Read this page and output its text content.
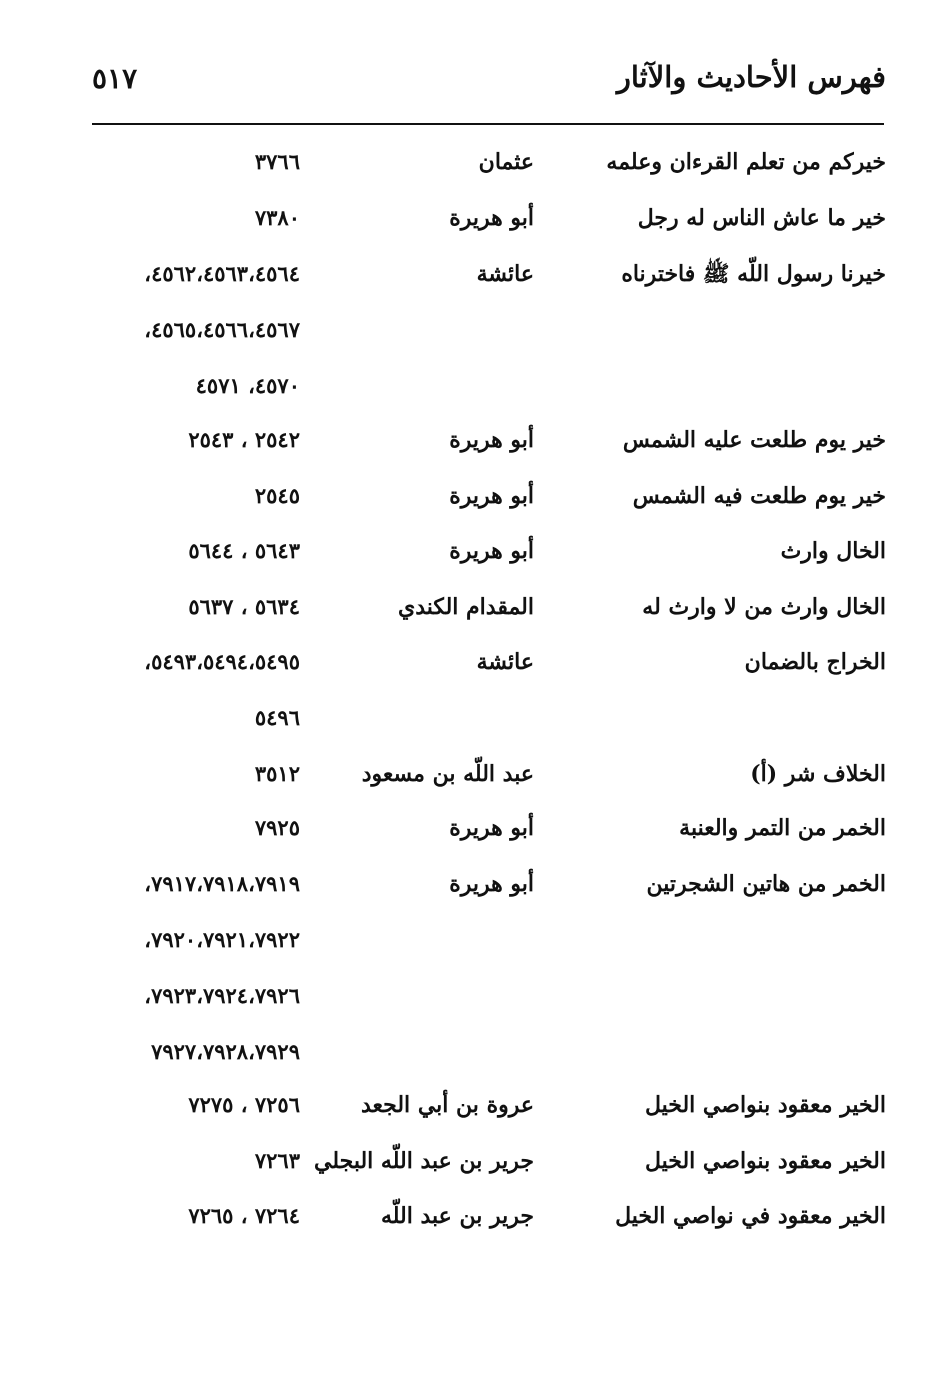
فهرس الأحاديث والآثار
٥١٧
خيركم من تعلم القرءان وعلمه
عثمان
٣٧٦٦
خير ما عاش الناس له رجل
أبو هريرة
٧٣٨٠
خيرنا رسول اللّه ﷺ فاخترناه
عائشة
٤٥٦٢،٤٥٦٣،٤٥٦٤،
٤٥٦٥،٤٥٦٦،٤٥٦٧،
٤٥٧٠، ٤٥٧١
خير يوم طلعت عليه الشمس
أبو هريرة
٢٥٤٢ ، ٢٥٤٣
خير يوم طلعت فيه الشمس
أبو هريرة
٢٥٤٥
الخال وارث
أبو هريرة
٥٦٤٣ ، ٥٦٤٤
الخال وارث من لا وارث له
المقدام الكندي
٥٦٣٤ ، ٥٦٣٧
الخراج بالضمان
عائشة
٥٤٩٣،٥٤٩٤،٥٤٩٥،
٥٤٩٦
الخلاف شر (أ)
عبد اللّه بن مسعود
٣٥١٢
الخمر من التمر والعنبة
أبو هريرة
٧٩٢٥
الخمر من هاتين الشجرتين
أبو هريرة
٧٩١٧،٧٩١٨،٧٩١٩،
٧٩٢٠،٧٩٢١،٧٩٢٢،
٧٩٢٣،٧٩٢٤،٧٩٢٦،
٧٩٢٧،٧٩٢٨،٧٩٢٩
الخير معقود بنواصي الخيل
عروة بن أبي الجعد
٧٢٥٦ ، ٧٢٧٥
الخير معقود بنواصي الخيل
جرير بن عبد اللّه البجلي
٧٢٦٣
الخير معقود في نواصي الخيل
جرير بن عبد اللّه
٧٢٦٤ ، ٧٢٦٥
